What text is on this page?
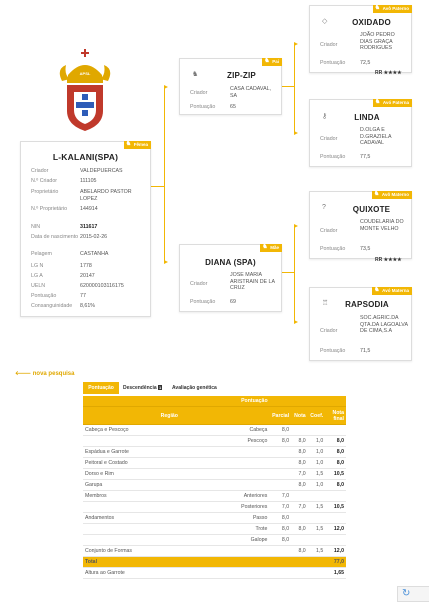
APSL
♞ Fêmea
L-KALANI(SPA)
Criador	VALDEPUERCAS
N.º Criador	111105
Proprietário	ABELARDO PASTOR LOPEZ
N.º Proprietário	144914
NIN	311617
Data de nascimento 2015-02-26
Pelagem	CASTANHA
LG N	1778
LG A	20147
UELN	620000103116175
Pontuação	77
Consanguinidade	8,61%
♞ Pai
♞	ZIP-ZIP
Criador
CASA CADAVAL, SA
Pontuação	65
♞ Mãe
DIANA (SPA)
Criador
JOSE MARIA ARISTRAIN DE LA CRUZ
Pontuação	69
♞ Avô Paterno
◇	OXIDADO
Criador
JOÃO PEDRO DIAS GRAÇA RODRIGUES
Pontuação	72,5
RR ★★★★
♞ Avó Paterna
⚷	LINDA
Criador
D.OLGA E D.GRAZIELA CADAVAL
Pontuação	77,5
♞ Avô Materno
?	QUIXOTE
Criador
COUDELARIA DO MONTE VELHO
Pontuação	73,5
RR ★★★★
♞ Avó Materna
♖	RAPSODIA
Criador
SOC.AGRIC.DA QTA.DA LAGOALVA DE CIMA,S.A
Pontuação	71,5
🡐 nova pesquisa
Pontuação	Descendência 1	Avaliação genética
	Pontuação				
Região		Parcial	Nota	Coef.	Nota final
Cabeça e Pescoço	Cabeça	8,0			
	Pescoço	8,0	8,0	1,0	8,0
Espádua e Garrote			8,0	1,0	8,0
Peitoral e Costado			8,0	1,0	8,0
Dorso e Rim			7,0	1,5	10,5
Garupa			8,0	1,0	8,0
Membros	Anteriores	7,0			
	Posteriores	7,0	7,0	1,5	10,5
Andamentos	Passo	8,0			
	Trote	8,0	8,0	1,5	12,0
	Galope	8,0			
Conjunto de Formas			8,0	1,5	12,0
Total					77,0
Altura ao Garrote					1,65
↻
